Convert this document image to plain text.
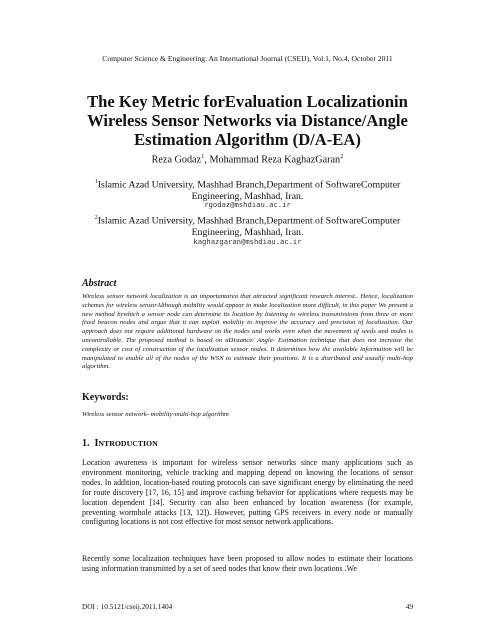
Computer Science & Engineering: An International Journal (CSEIJ), Vol.1, No.4, October 2011
The Key Metric forEvaluation Localizationin Wireless Sensor Networks via Distance/Angle Estimation Algorithm (D/A-EA)
Reza Godaz$^1$, Mohammad Reza KaghazGaran$^2$
$^1$Islamic Azad University, Mashhad Branch,Department of SoftwareComputer Engineering, Mashhad, Iran.
rgodaz@mshdiau.ac.ir
$^2$Islamic Azad University, Mashhad Branch,Department of SoftwareComputer Engineering, Mashhad, Iran.
kaghazgaran@mshdiau.ac.ir
Abstract
Wireless sensor network localization is an importantarea that attracted significant research interest.. Hence, localization schemes for wireless sensorAlthough mobility would appear to make localization more difficult, in this paper We present a new method bywhich a sensor node can determine its location by listening to wireless transmissions from three or more fixed beacon nodes and argue that it can exploit mobility to improve the accuracy and precision of localization. Our approach does not require additional hardware on the nodes and works even when the movement of seeds and nodes is uncontrollable. The proposed method is based on aDistance/ Angle- Estimation technique that does not increase the complexity or cost of construction of the localization sensor nodes. It determines how the available information will be manipulated to enable all of the nodes of the WSN to estimate their positions. It is a distributed and usually multi-hop algorithm.
Keywords:
Wireless sensor network- mobility-multi-hop algorithm
1. INTRODUCTION
Location awareness is important for wireless sensor networks since many applications such as environment monitoring, vehicle tracking and mapping depend on knowing the locations of sensor nodes. In addition, location-based routing protocols can save significant energy by eliminating the need for route discovery [17, 16, 15] and improve caching behavior for applications where requests may be location dependent [14]. Security can also been enhanced by location awareness (for example, preventing wormhole attacks [13, 12]). However, putting GPS receivers in every node or manually configuring locations is not cost effective for most sensor network applications.
Recently some localization techniques have been proposed to allow nodes to estimate their locations using information transmitted by a set of seed nodes that know their own locations .We
DOI : 10.5121/cseij.2011.1404	49
